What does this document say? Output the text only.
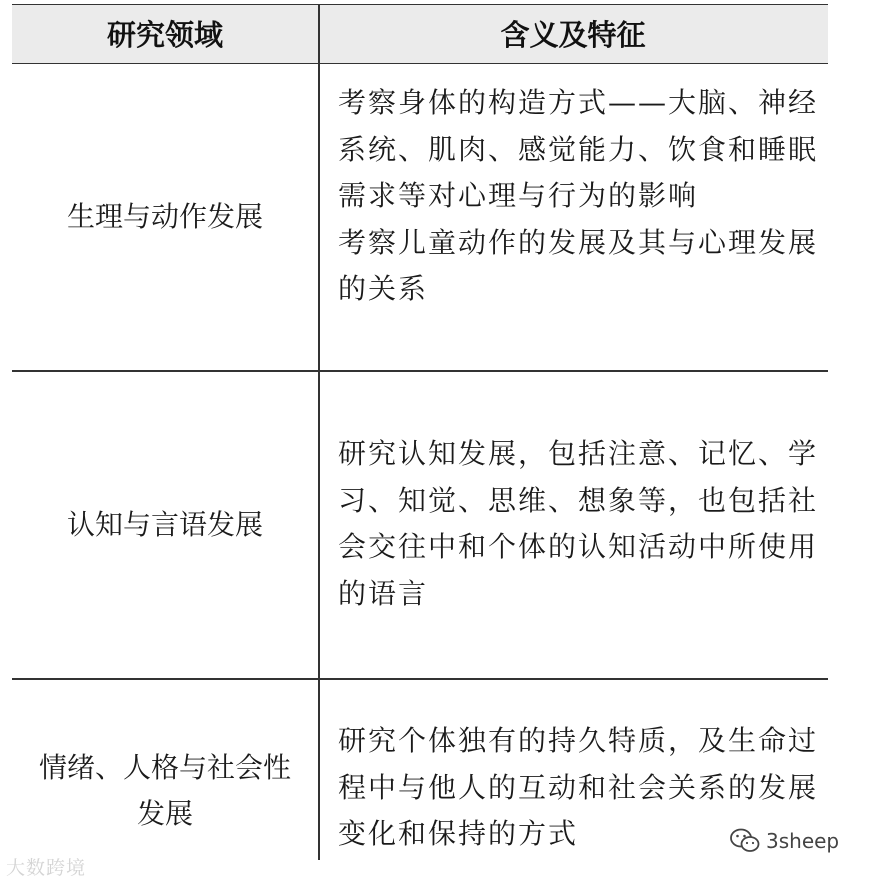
研究领域	含义及特征
生理与动作发展

考察身体的构造方式——大脑、神经系统、肌肉、感觉能力、饮食和睡眠需求等对心理与行为的影响

考察儿童动作的发展及其与心理发展的关系

认知与言语发展

研究认知发展，包括注意、记忆、学习、知觉、思维、想象等，也包括社会交往中和个体的认知活动中所使用的语言

情绪、人格与社会性发展

研究个体独有的持久特质，及生命过程中与他人的互动和社会关系的发展变化和保持的方式

大数跨境
3sheep
